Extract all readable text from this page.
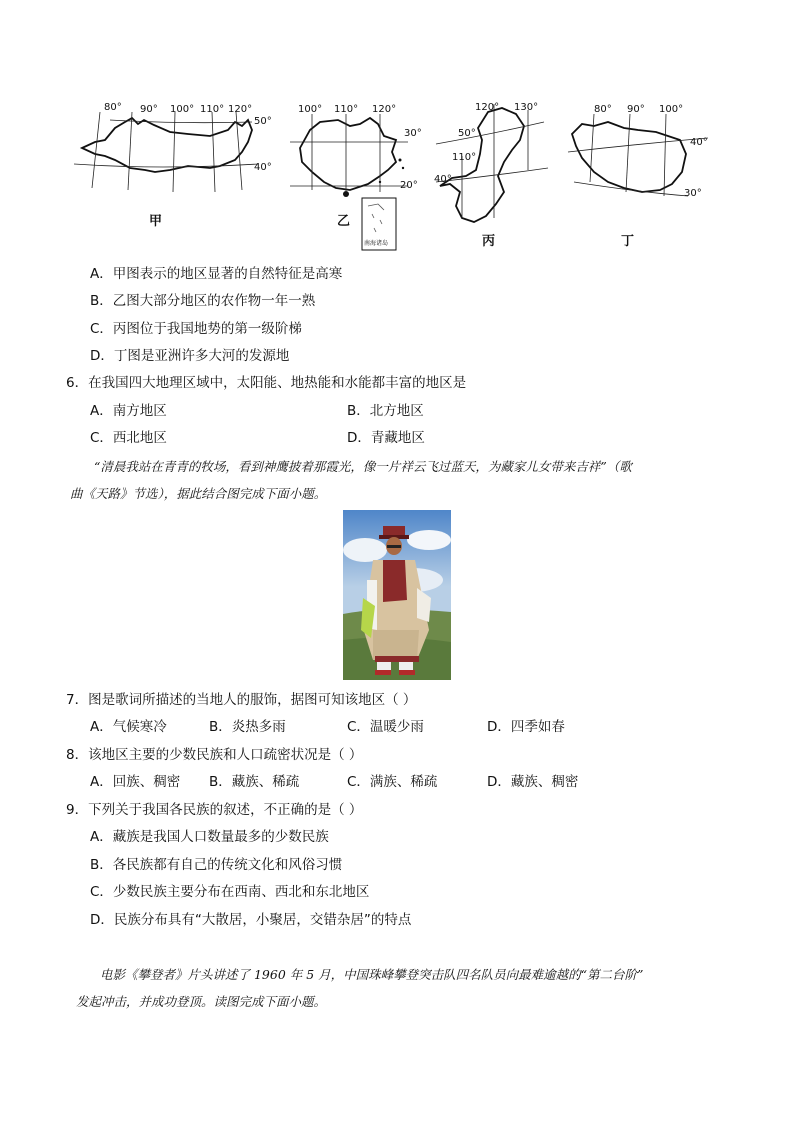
80° 90° 100° 110° 120°
50°
40°
甲
100° 110° 120°
30°
20°
南海诸岛
乙
120° 130°
50°
110°
40°
丙
80° 90° 100°
40°
30°
丁
A．甲图表示的地区显著的自然特征是高寒
B．乙图大部分地区的农作物一年一熟
C．丙图位于我国地势的第一级阶梯
D．丁图是亚洲许多大河的发源地
6．在我国四大地理区域中，太阳能、地热能和水能都丰富的地区是
A．南方地区	B．北方地区
C．西北地区	D．青藏地区
“清晨我站在青青的牧场，看到神鹰披着那霞光，像一片祥云飞过蓝天，为藏家儿女带来吉祥”（歌
曲《天路》节选），据此结合图完成下面小题。
7．图是歌词所描述的当地人的服饰，据图可知该地区（ ）
A．气候寒冷	B．炎热多雨	C．温暖少雨	D．四季如春
8．该地区主要的少数民族和人口疏密状况是（ ）
A．回族、稠密 B．藏族、稀疏	C．满族、稀疏	D．藏族、稠密
9．下列关于我国各民族的叙述，不正确的是（ ）
A．藏族是我国人口数量最多的少数民族
B．各民族都有自己的传统文化和风俗习惯
C．少数民族主要分布在西南、西北和东北地区
D．民族分布具有“大散居，小聚居，交错杂居”的特点
电影《攀登者》片头讲述了 1960 年 5 月，中国珠峰攀登突击队四名队员向最难逾越的“第二台阶”
发起冲击，并成功登顶。读图完成下面小题。
